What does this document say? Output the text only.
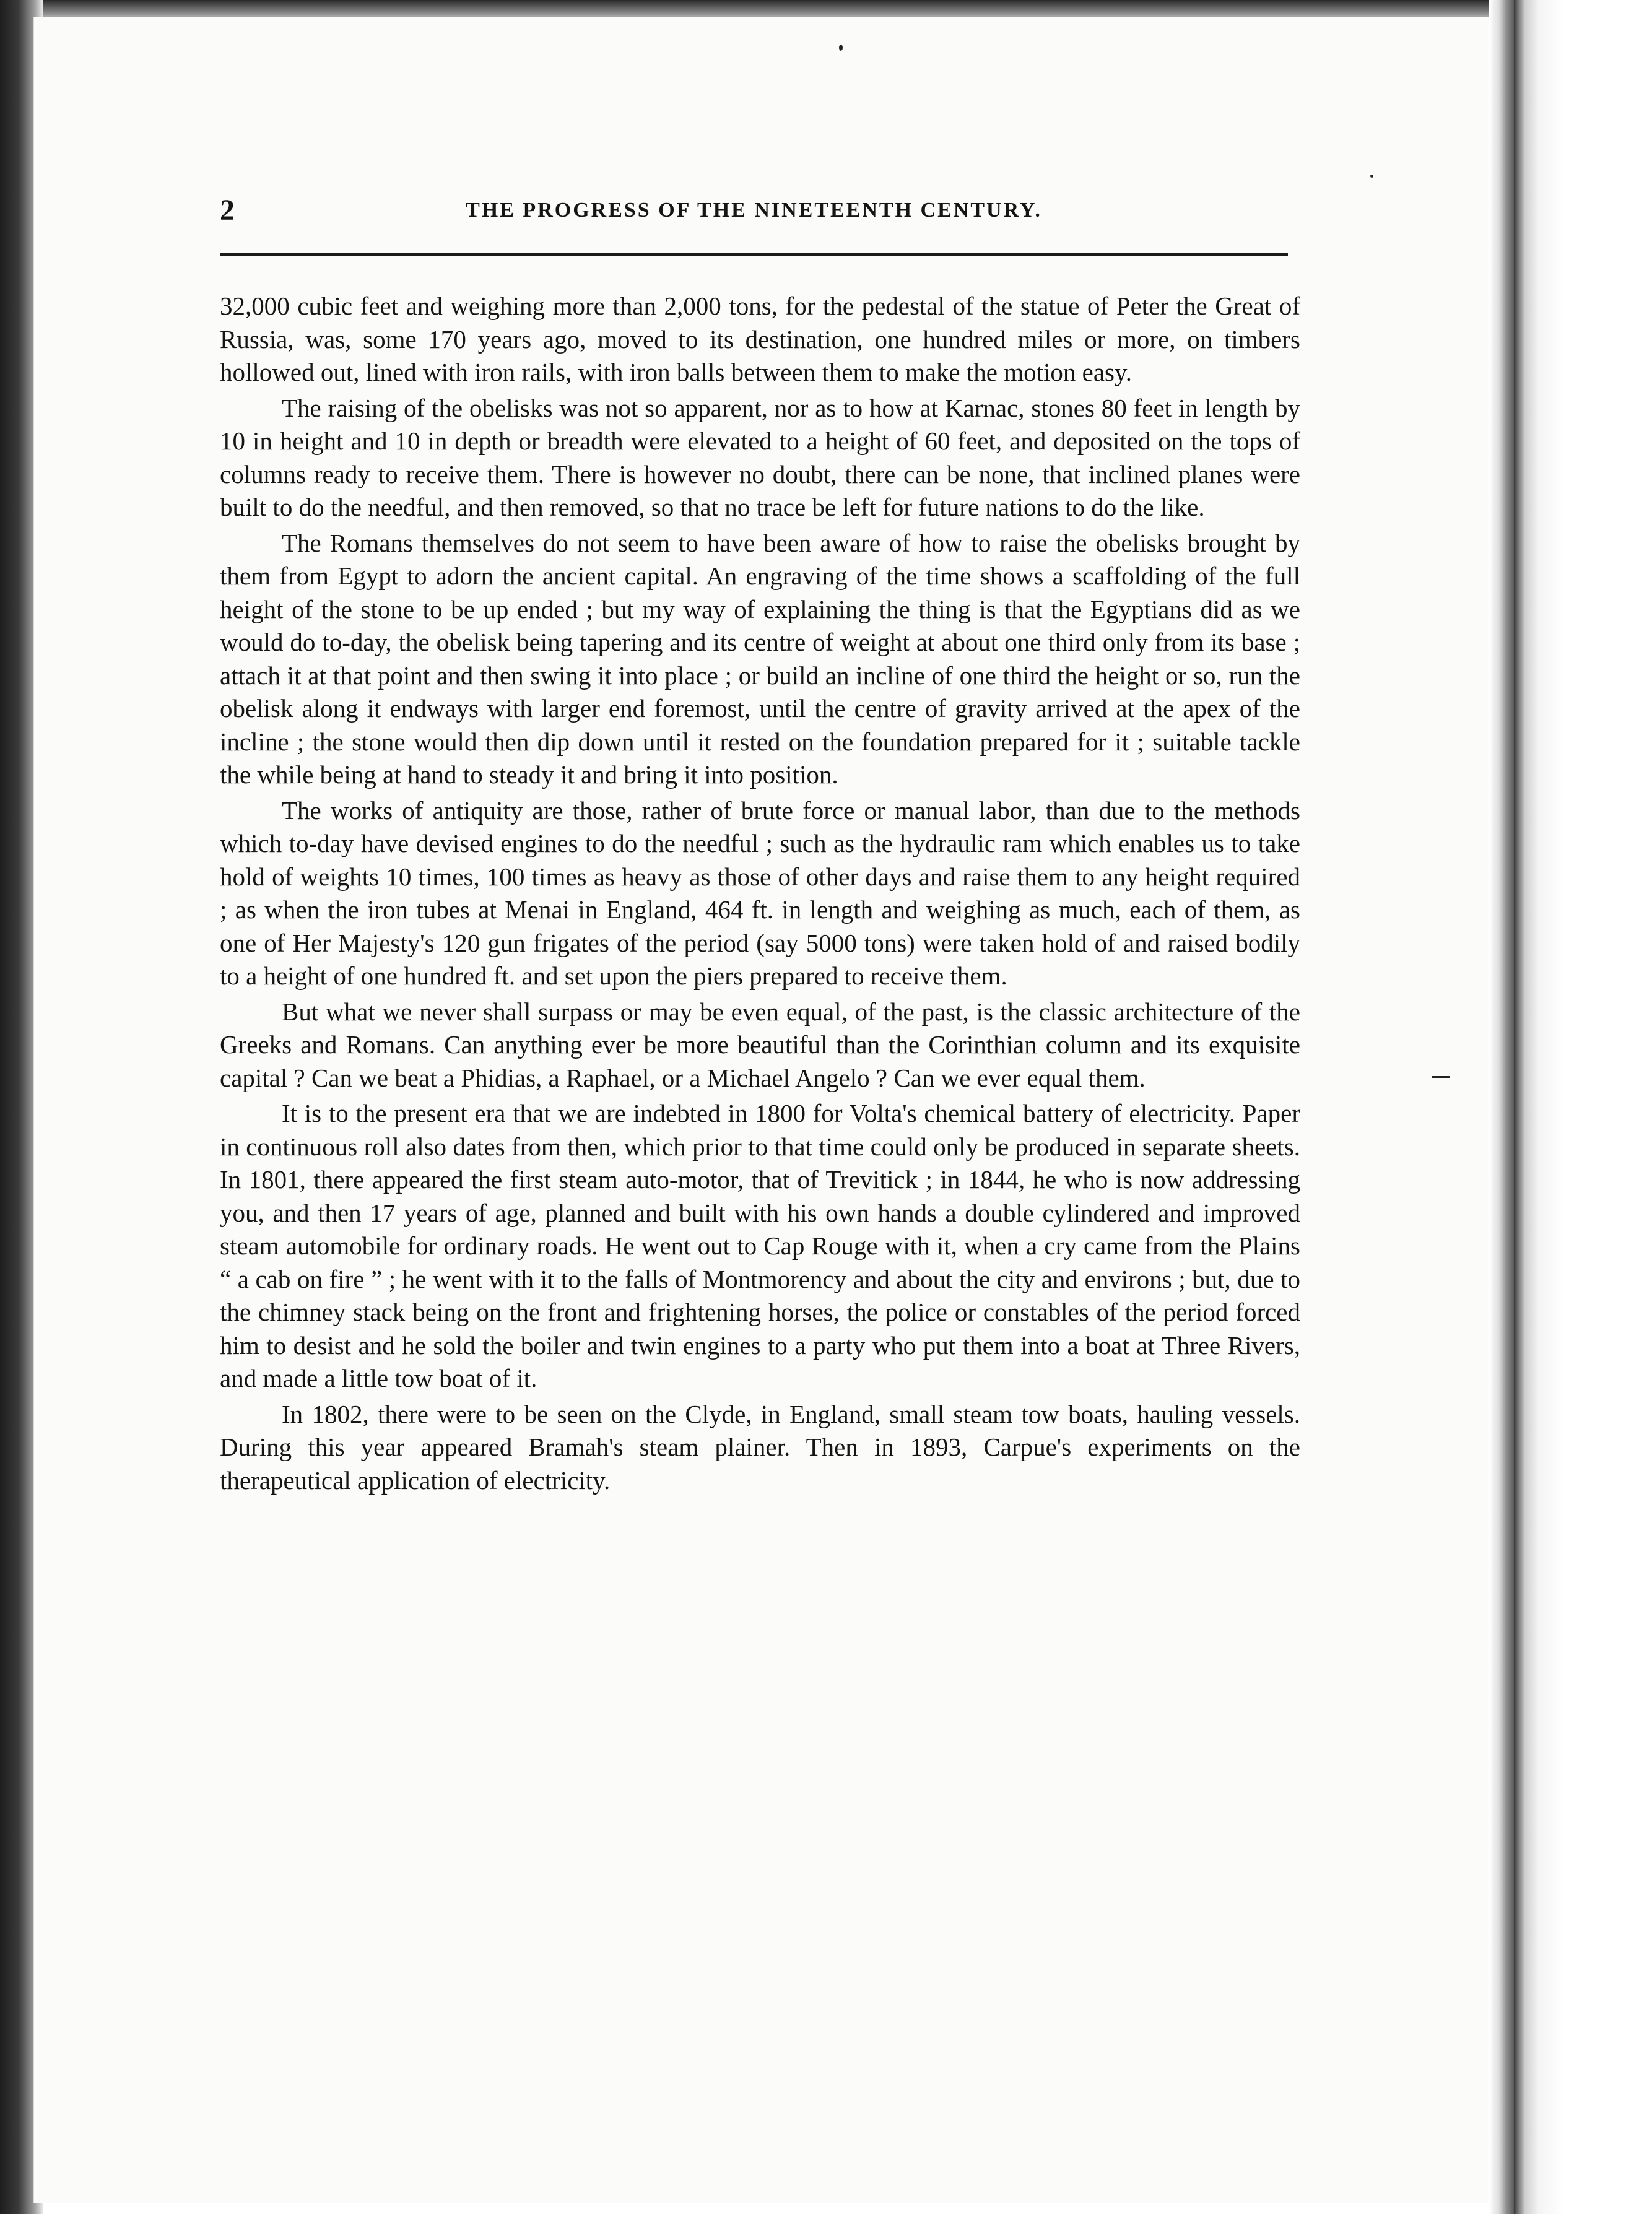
2	THE PROGRESS OF THE NINETEENTH CENTURY.

32,000 cubic feet and weighing more than 2,000 tons, for the pedestal of the statue of Peter the Great of Russia, was, some 170 years ago, moved to its destination, one hundred miles or more, on timbers hollowed out, lined with iron rails, with iron balls between them to make the motion easy.

The raising of the obelisks was not so apparent, nor as to how at Karnac, stones 80 feet in length by 10 in height and 10 in depth or breadth were elevated to a height of 60 feet, and deposited on the tops of columns ready to receive them. There is however no doubt, there can be none, that inclined planes were built to do the needful, and then removed, so that no trace be left for future nations to do the like.

The Romans themselves do not seem to have been aware of how to raise the obelisks brought by them from Egypt to adorn the ancient capital. An engraving of the time shows a scaffolding of the full height of the stone to be up ended ; but my way of explaining the thing is that the Egyptians did as we would do to-day, the obelisk being tapering and its centre of weight at about one third only from its base ; attach it at that point and then swing it into place ; or build an incline of one third the height or so, run the obelisk along it endways with larger end foremost, until the centre of gravity arrived at the apex of the incline ; the stone would then dip down until it rested on the foundation prepared for it ; suitable tackle the while being at hand to steady it and bring it into position.

The works of antiquity are those, rather of brute force or manual labor, than due to the methods which to-day have devised engines to do the needful ; such as the hydraulic ram which enables us to take hold of weights 10 times, 100 times as heavy as those of other days and raise them to any height required ; as when the iron tubes at Menai in England, 464 ft. in length and weighing as much, each of them, as one of Her Majesty's 120 gun frigates of the period (say 5000 tons) were taken hold of and raised bodily to a height of one hundred ft. and set upon the piers prepared to receive them.

But what we never shall surpass or may be even equal, of the past, is the classic architecture of the Greeks and Romans. Can anything ever be more beautiful than the Corinthian column and its exquisite capital ? Can we beat a Phidias, a Raphael, or a Michael Angelo ? Can we ever equal them.

It is to the present era that we are indebted in 1800 for Volta's chemical battery of electricity. Paper in continuous roll also dates from then, which prior to that time could only be produced in separate sheets. In 1801, there appeared the first steam auto-motor, that of Trevitick ; in 1844, he who is now addressing you, and then 17 years of age, planned and built with his own hands a double cylindered and improved steam automobile for ordinary roads. He went out to Cap Rouge with it, when a cry came from the Plains “ a cab on fire ” ; he went with it to the falls of Montmorency and about the city and environs ; but, due to the chimney stack being on the front and frightening horses, the police or constables of the period forced him to desist and he sold the boiler and twin engines to a party who put them into a boat at Three Rivers, and made a little tow boat of it.

In 1802, there were to be seen on the Clyde, in England, small steam tow boats, hauling vessels. During this year appeared Bramah's steam plainer. Then in 1893, Carpue's experiments on the therapeutical application of electricity.
